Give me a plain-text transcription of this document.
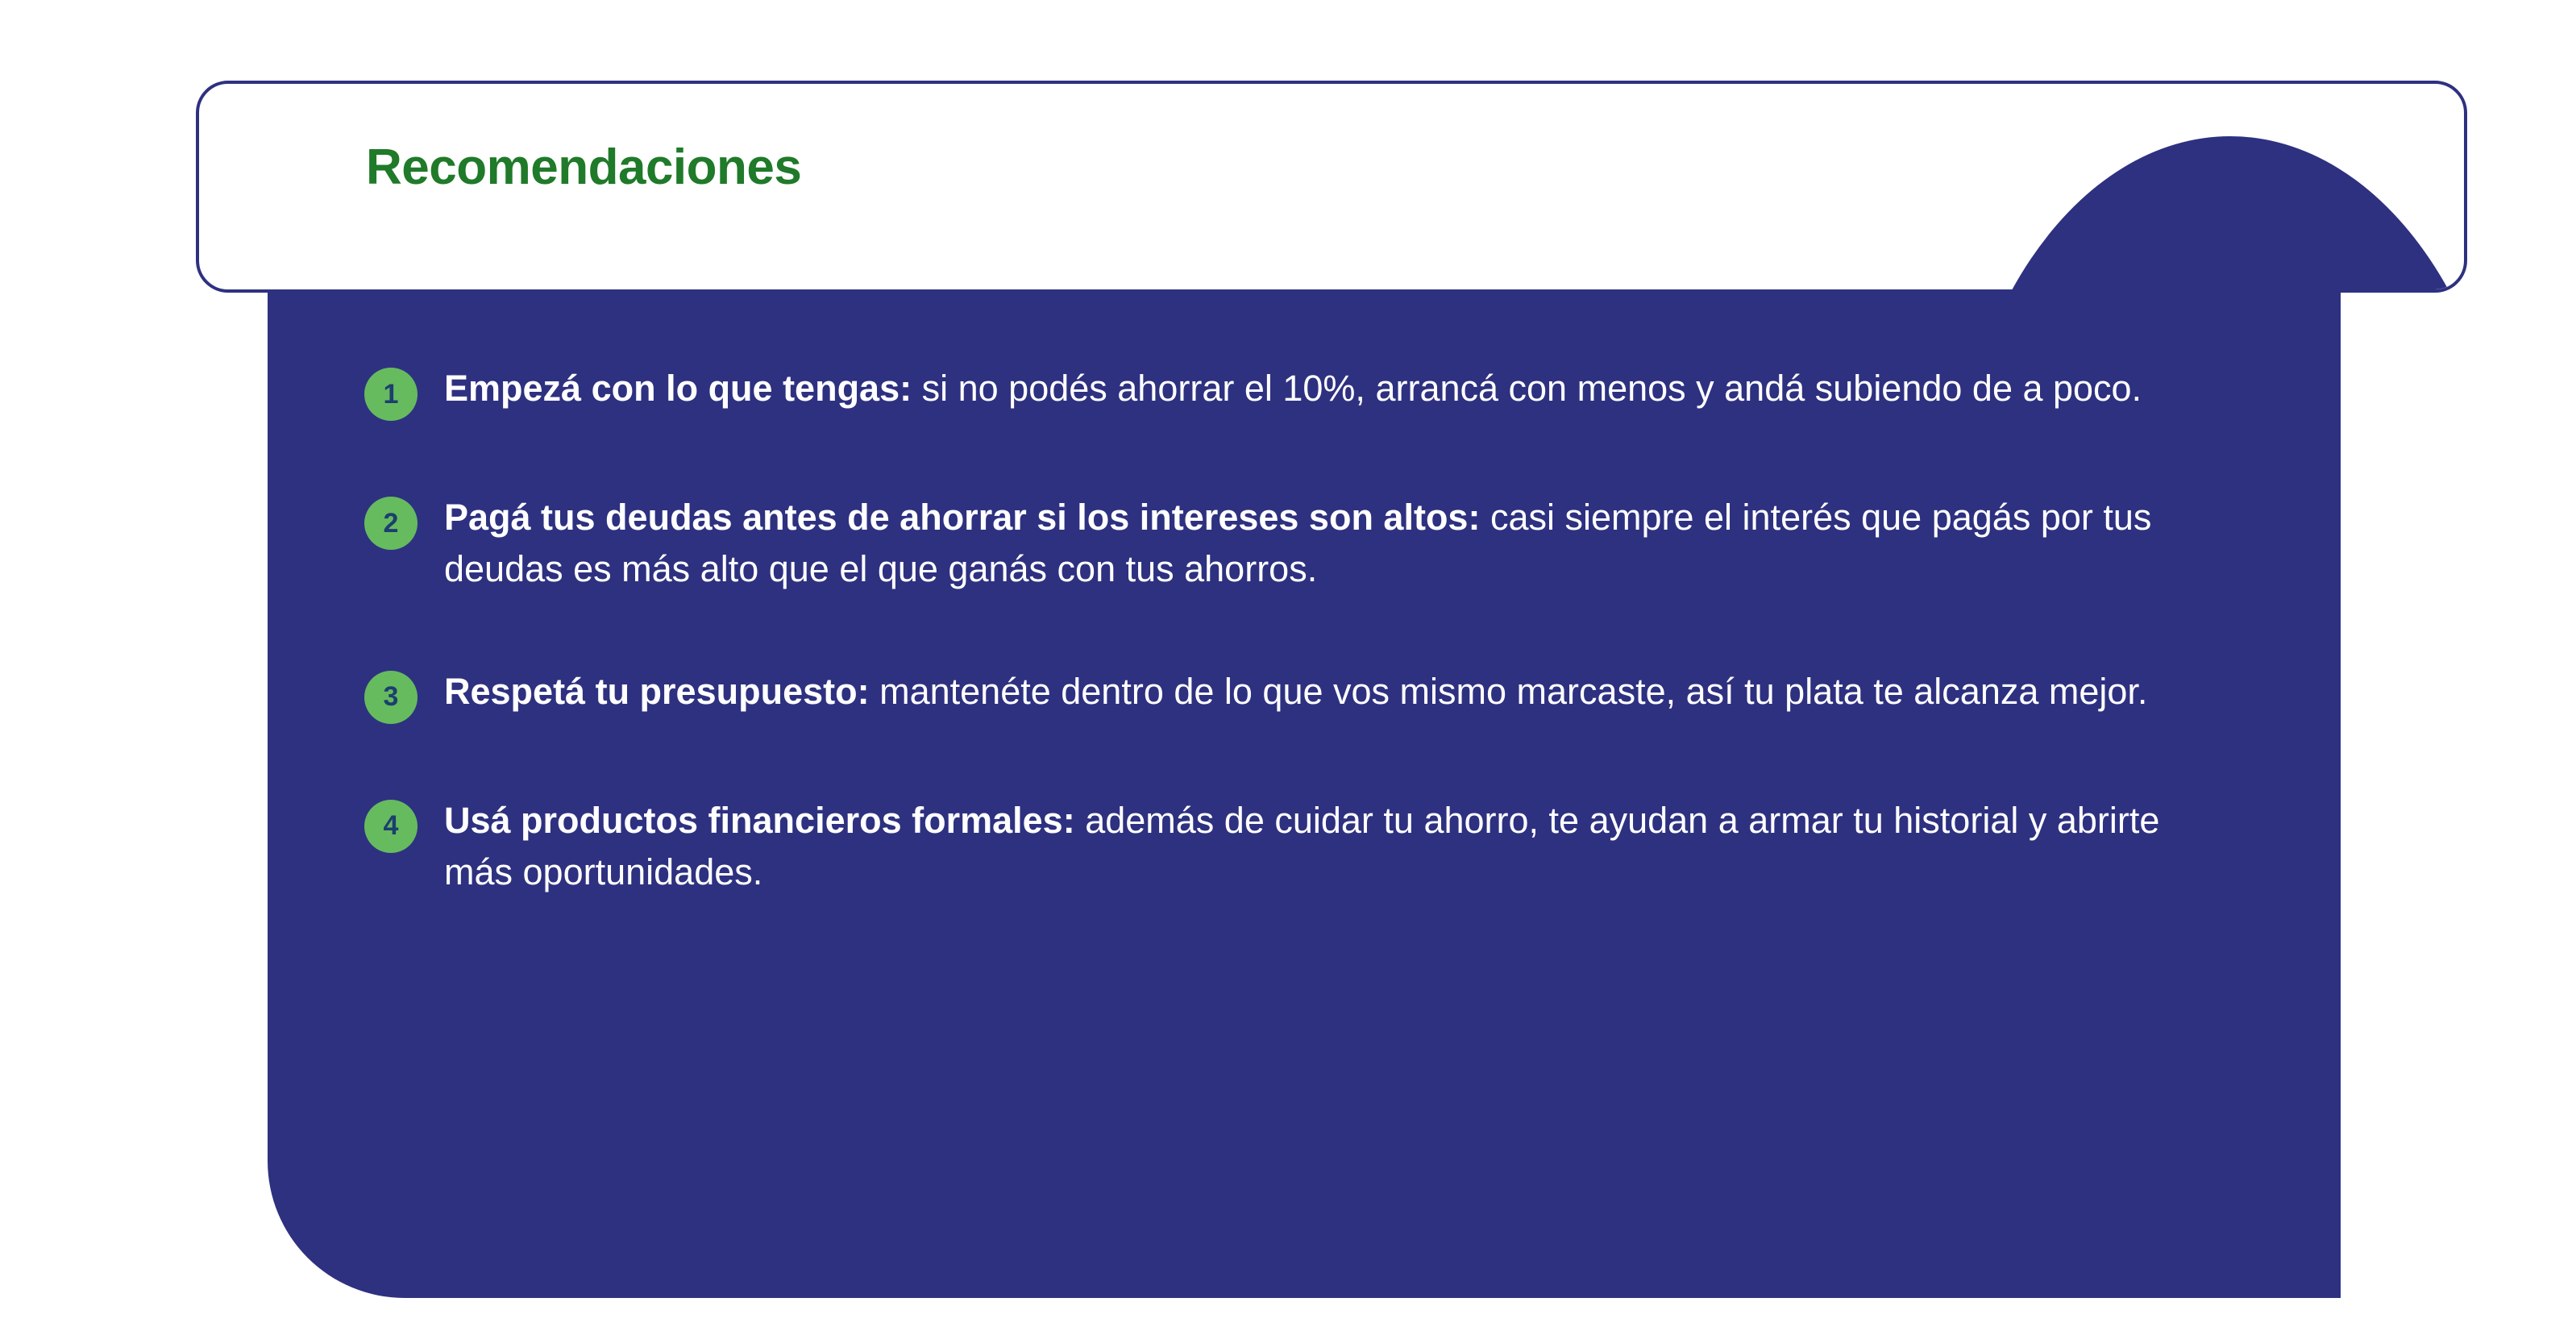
1	Empezá con lo que tengas: si no podés ahorrar el 10%, arrancá con menos y andá subiendo de a poco.
2	Pagá tus deudas antes de ahorrar si los intereses son altos: casi siempre el interés que pagás por tus deudas es más alto que el que ganás con tus ahorros.
3	Respetá tu presupuesto: mantenéte dentro de lo que vos mismo marcaste, así tu plata te alcanza mejor.
4	Usá productos financieros formales: además de cuidar tu ahorro, te ayudan a armar tu historial y abrirte más oportunidades.
Recomendaciones
